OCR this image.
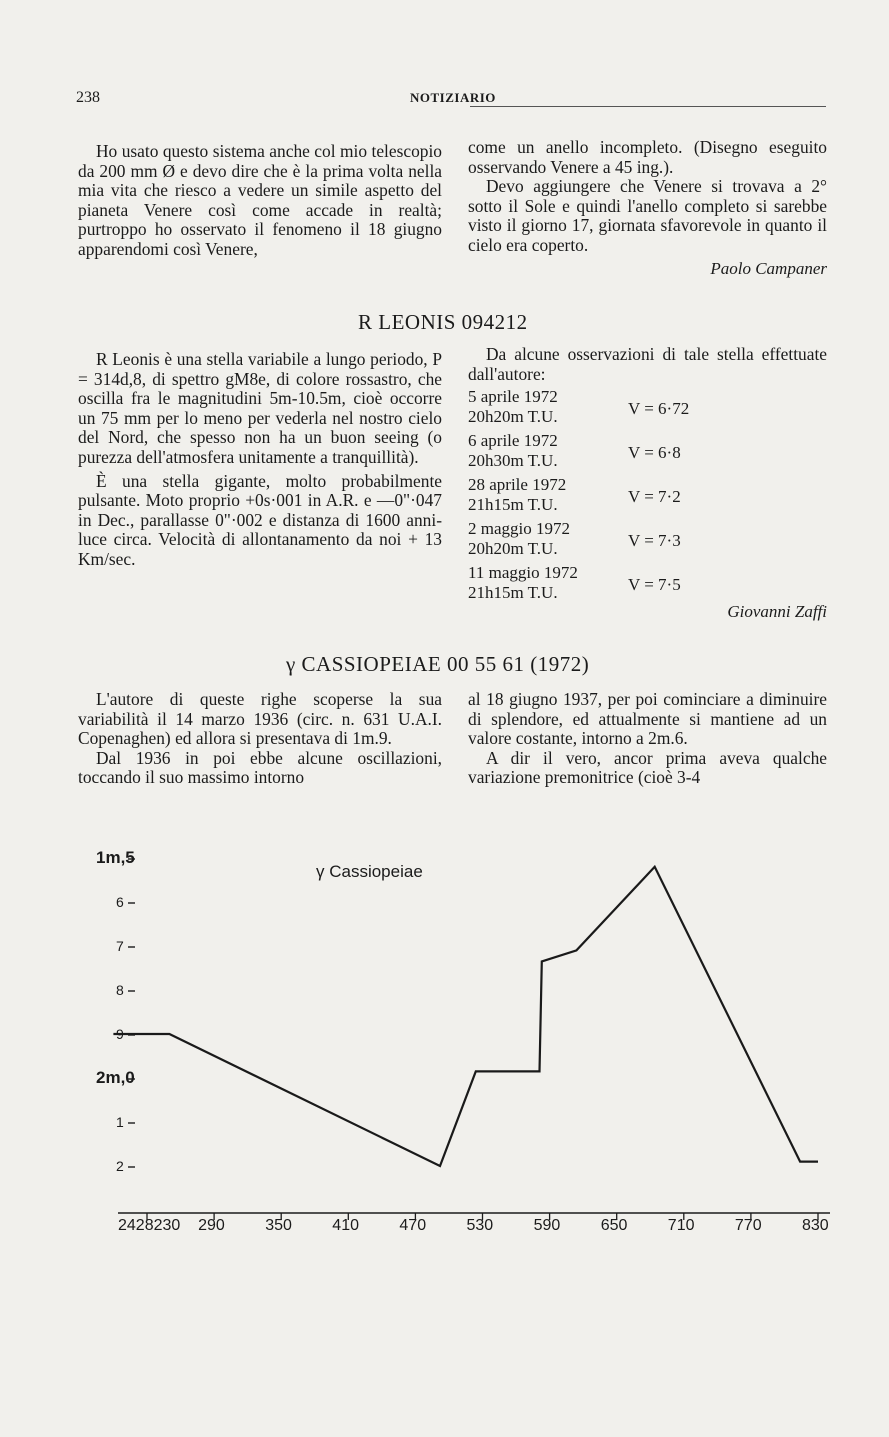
238	NOTIZIARIO

Ho usato questo sistema anche col mio telescopio da 200 mm Ø e devo dire che è la prima volta nella mia vita che riesco a vedere un simile aspetto del pianeta Venere così come accade in realtà; purtroppo ho osservato il fenomeno il 18 giugno apparendomi così Venere,

come un anello incompleto. (Disegno eseguito osservando Venere a 45 ing.).

Devo aggiungere che Venere si trovava a 2° sotto il Sole e quindi l'anello completo si sarebbe visto il giorno 17, giornata sfavorevole in quanto il cielo era coperto.

Paolo Campaner

R LEONIS 094212

R Leonis è una stella variabile a lungo periodo, P = 314d,8, di spettro gM8e, di colore rossastro, che oscilla fra le magnitudini 5m-10.5m, cioè occorre un 75 mm per lo meno per vederla nel nostro cielo del Nord, che spesso non ha un buon seeing (o purezza dell'atmosfera unitamente a tranquillità).

È una stella gigante, molto probabilmente pulsante. Moto proprio +0s·001 in A.R. e —0"·047 in Dec., parallasse 0"·002 e distanza di 1600 anni-luce circa. Velocità di allontanamento da noi + 13 Km/sec.

Da alcune osservazioni di tale stella effettuate dall'autore:

5 aprile 1972
20h20m T.U.	V = 6·72
6 aprile 1972
20h30m T.U.	V = 6·8
28 aprile 1972
21h15m T.U.	V = 7·2
2 maggio 1972
20h20m T.U.	V = 7·3
11 maggio 1972
21h15m T.U.	V = 7·5
Giovanni Zaffi
γ CASSIOPEIAE 00 55 61 (1972)

L'autore di queste righe scoperse la sua variabilità il 14 marzo 1936 (circ. n. 631 U.A.I. Copenaghen) ed allora si presentava di 1m.9.

Dal 1936 in poi ebbe alcune oscillazioni, toccando il suo massimo intorno

al 18 giugno 1937, per poi cominciare a diminuire di splendore, ed attualmente si mantiene ad un valore costante, intorno a 2m.6.

A dir il vero, ancor prima aveva qualche variazione premonitrice (cioè 3-4

γ Cassiopeiae
1m,5
6
7
8
9
2m,0
1
2
2428230 290	350	410	470	530	590	650	710	770	830
